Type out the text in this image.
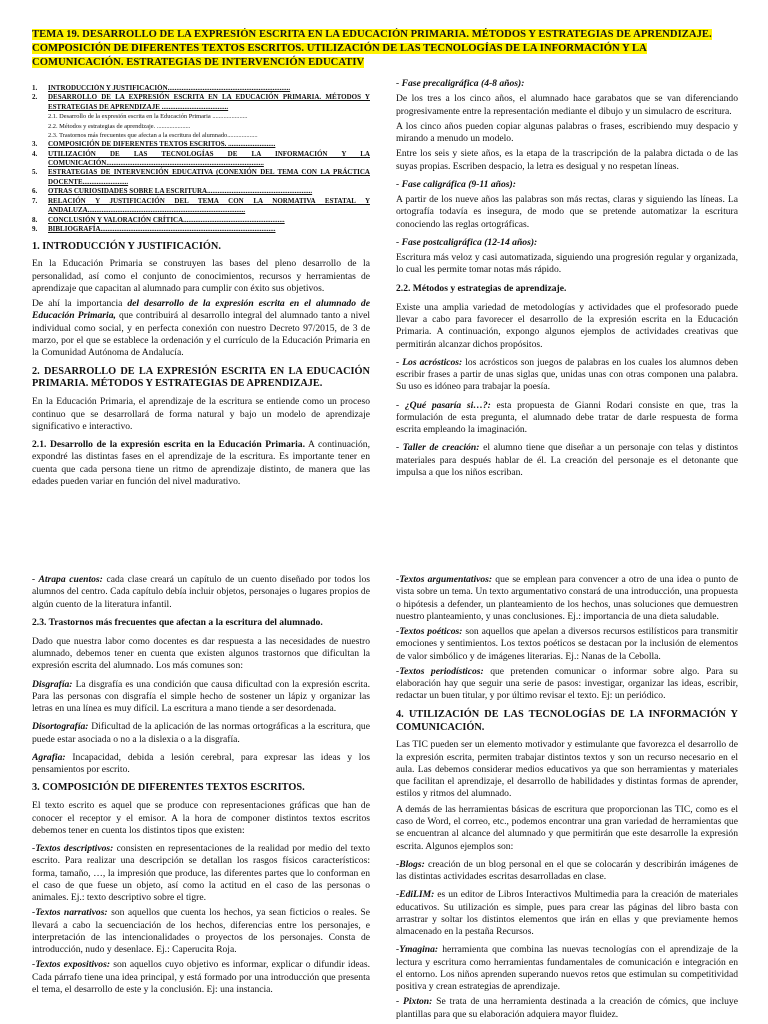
TEMA 19. DESARROLLO DE LA EXPRESIÓN ESCRITA EN LA EDUCACIÓN PRIMARIA. MÉTODOS Y ESTRATEGIAS DE APRENDIZAJE. COMPOSICIÓN DE DIFERENTES TEXTOS ESCRITOS. UTILIZACIÓN DE LAS TECNOLOGÍAS DE LA INFORMACIÓN Y LA COMUNICACIÓN. ESTRATEGIAS DE INTERVENCIÓN EDUCATIV
1.	INTRODUCCIÓN Y JUSTIFICACIÓN......................................................................
2.	DESARROLLO DE LA EXPRESIÓN ESCRITA EN LA EDUCACIÓN PRIMARIA. MÉTODOS Y ESTRATEGIAS DE APRENDIZAJE ......................................
2.1. Desarrollo de la expresión escrita en la Educación Primaria ......................
2.2. Métodos y estrategias de aprendizaje. .....................
2.3. Trastornos más frecuentes que afectan a la escritura del alumnado...................
3.	COMPOSICIÓN DE DIFERENTES TEXTOS ESCRITOS. ...........................
4.	UTILIZACIÓN DE LAS TECNOLOGÍAS DE LA INFORMACIÓN Y LA COMUNICACIÓN..........................................................................................
5.	ESTRATEGIAS DE INTERVENCIÓN EDUCATIVA (CONEXIÓN DEL TEMA CON LA PRÁCTICA DOCENTE..........................
6.	OTRAS CURIOSIDADES SOBRE LA ESCRITURA............................................................
7.	RELACIÓN Y JUSTIFICACIÓN DEL TEMA CON LA NORMATIVA ESTATAL Y ANDALUZA..........................................................................................
8.	CONCLUSIÓN Y VALORACIÓN CRÍTICA..........................................................
9.	BIBLIOGRAFÍA....................................................................................................
1. INTRODUCCIÓN Y JUSTIFICACIÓN.

En la Educación Primaria se construyen las bases del pleno desarrollo de la personalidad, así como el conjunto de conocimientos, recursos y herramientas de aprendizaje que capacitan al alumnado para cumplir con éxito sus objetivos.

De ahí la importancia del desarrollo de la expresión escrita en el alumnado de Educación Primaria, que contribuirá al desarrollo integral del alumnado tanto a nivel individual como social, y en perfecta conexión con nuestro Decreto 97/2015, de 3 de marzo, por el que se establece la ordenación y el currículo de la Educación Primaria en la Comunidad Autónoma de Andalucía.

2. DESARROLLO DE LA EXPRESIÓN ESCRITA EN LA EDUCACIÓN PRIMARIA. MÉTODOS Y ESTRATEGIAS DE APRENDIZAJE.

En la Educación Primaria, el aprendizaje de la escritura se entiende como un proceso continuo que se desarrollará de forma natural y bajo un modelo de aprendizaje significativo e interactivo.

2.1. Desarrollo de la expresión escrita en la Educación Primaria. A continuación, expondré las distintas fases en el aprendizaje de la escritura. Es importante tener en cuenta que cada persona tiene un ritmo de aprendizaje distinto, de manera que las edades pueden variar en función del nivel madurativo.

- Fase precaligráfica (4-8 años):

De los tres a los cinco años, el alumnado hace garabatos que se van diferenciando progresivamente entre la representación mediante el dibujo y un simulacro de escritura.

A los cinco años pueden copiar algunas palabras o frases, escribiendo muy despacio y mirando a menudo un modelo.

Entre los seis y siete años, es la etapa de la trascripción de la palabra dictada o de las suyas propias. Escriben despacio, la letra es desigual y no respetan líneas.

- Fase caligráfica (9-11 años):

A partir de los nueve años las palabras son más rectas, claras y siguiendo las líneas. La ortografía todavía es insegura, de modo que se pretende automatizar la escritura conociendo las reglas ortográficas.

- Fase postcaligráfica (12-14 años):

Escritura más veloz y casi automatizada, siguiendo una progresión regular y organizada, lo cual les permite tomar notas más rápido.

2.2. Métodos y estrategias de aprendizaje.

Existe una amplia variedad de metodologías y actividades que el profesorado puede llevar a cabo para favorecer el desarrollo de la expresión escrita en la Educación Primaria. A continuación, expongo algunos ejemplos de actividades creativas que permitirán alcanzar dichos propósitos.

- Los acrósticos: los acrósticos son juegos de palabras en los cuales los alumnos deben escribir frases a partir de unas siglas que, unidas unas con otras componen una palabra. Su uso es idóneo para trabajar la poesía.

- ¿Qué pasaría si…?: esta propuesta de Gianni Rodari consiste en que, tras la formulación de esta pregunta, el alumnado debe tratar de darle respuesta de forma escrita empleando la imaginación.

- Taller de creación: el alumno tiene que diseñar a un personaje con telas y distintos materiales para después hablar de él. La creación del personaje es el detonante que impulsa a que los niños escriban.

- Atrapa cuentos: cada clase creará un capítulo de un cuento diseñado por todos los alumnos del centro. Cada capítulo debía incluir objetos, personajes o lugares propios de algún cuento de la literatura infantil.

2.3. Trastornos más frecuentes que afectan a la escritura del alumnado.

Dado que nuestra labor como docentes es dar respuesta a las necesidades de nuestro alumnado, debemos tener en cuenta que existen algunos trastornos que dificultan la expresión escrita del alumnado. Los más comunes son:

Disgrafía: La disgrafía es una condición que causa dificultad con la expresión escrita. Para las personas con disgrafía el simple hecho de sostener un lápiz y organizar las letras en una línea es muy difícil. La escritura a mano tiende a ser desordenada.

Disortografía: Dificultad de la aplicación de las normas ortográficas a la escritura, que puede estar asociada o no a la dislexia o a la disgrafía.

Agrafia: Incapacidad, debida a lesión cerebral, para expresar las ideas y los pensamientos por escrito.

3. COMPOSICIÓN DE DIFERENTES TEXTOS ESCRITOS.

El texto escrito es aquel que se produce con representaciones gráficas que han de conocer el receptor y el emisor. A la hora de componer distintos textos escritos debemos tener en cuenta los distintos tipos que existen:

-Textos descriptivos: consisten en representaciones de la realidad por medio del texto escrito. Para realizar una descripción se detallan los rasgos físicos característicos: forma, tamaño, …, la impresión que produce, las diferentes partes que lo conforman en el caso de que fuese un objeto, así como la actitud en el caso de las personas o animales. Ej.: texto descriptivo sobre el tigre.

-Textos narrativos: son aquellos que cuenta los hechos, ya sean ficticios o reales. Se llevará a cabo la secuenciación de los hechos, diferencias entre los personajes, e interpretación de las intencionalidades o proyectos de los personajes. Consta de introducción, nudo y desenlace. Ej.: Caperucita Roja.

-Textos expositivos: son aquellos cuyo objetivo es informar, explicar o difundir ideas. Cada párrafo tiene una idea principal, y está formado por una introducción que presenta el tema, el desarrollo de este y la conclusión. Ej: una instancia.

-Textos argumentativos: que se emplean para convencer a otro de una idea o punto de vista sobre un tema. Un texto argumentativo constará de una introducción, una propuesta o hipótesis a defender, un planteamiento de los hechos, unas soluciones que demuestren nuestro planteamiento, y unas conclusiones. Ej.: importancia de una dieta saludable.

-Textos poéticos: son aquellos que apelan a diversos recursos estilísticos para transmitir emociones y sentimientos. Los textos poéticos se destacan por la inclusión de elementos de valor simbólico y de imágenes literarias. Ej.: Nanas de la Cebolla.

-Textos periodísticos: que pretenden comunicar o informar sobre algo. Para su elaboración hay que seguir una serie de pasos: investigar, organizar las ideas, escribir, redactar un buen titular, y por último revisar el texto. Ej: un periódico.

4. UTILIZACIÓN DE LAS TECNOLOGÍAS DE LA INFORMACIÓN Y COMUNICACIÓN.

Las TIC pueden ser un elemento motivador y estimulante que favorezca el desarrollo de la expresión escrita, permiten trabajar distintos textos y son un recurso necesario en el aula. Las debemos considerar medios educativos ya que son herramientas y materiales que facilitan el aprendizaje, el desarrollo de habilidades y distintas formas de aprender, estilos y ritmos del alumnado.

A demás de las herramientas básicas de escritura que proporcionan las TIC, como es el caso de Word, el correo, etc., podemos encontrar una gran variedad de herramientas que se encuentran al alcance del alumnado y que permitirán que este desarrolle la expresión escrita. Algunos ejemplos son:

-Blogs: creación de un blog personal en el que se colocarán y describirán imágenes de las distintas actividades escritas desarrolladas en clase.

-EdiLIM: es un editor de Libros Interactivos Multimedia para la creación de materiales educativos. Su utilización es simple, pues para crear las páginas del libro basta con arrastrar y soltar los distintos elementos que irán en ellas y que previamente hemos almacenado en la pestaña Recursos.

-Ymagina: herramienta que combina las nuevas tecnologías con el aprendizaje de la lectura y escritura como herramientas fundamentales de comunicación e integración en el entorno. Los niños aprenden superando nuevos retos que estimulan su competitividad positiva y crean estrategias de aprendizaje.

- Pixton: Se trata de una herramienta destinada a la creación de cómics, que incluye plantillas para que su elaboración adquiera mayor fluidez.
